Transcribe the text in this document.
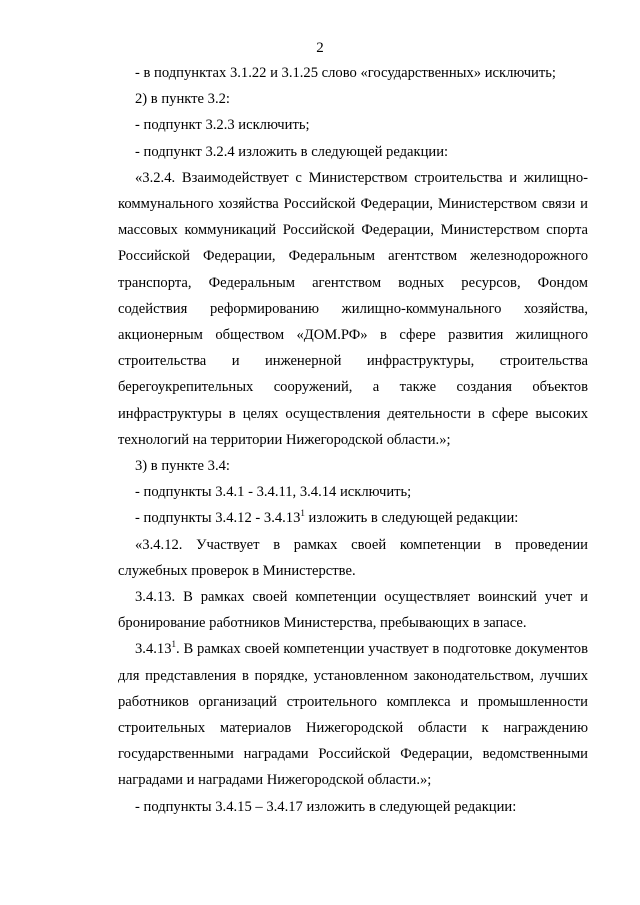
2

- в подпунктах 3.1.22 и 3.1.25 слово «государственных» исключить;

2) в пункте 3.2:

- подпункт 3.2.3 исключить;

- подпункт 3.2.4 изложить в следующей редакции:

«3.2.4. Взаимодействует с Министерством строительства и жилищно-коммунального хозяйства Российской Федерации, Министерством связи и массовых коммуникаций Российской Федерации, Министерством спорта Российской Федерации, Федеральным агентством железнодорожного транспорта, Федеральным агентством водных ресурсов, Фондом содействия реформированию жилищно-коммунального хозяйства, акционерным обществом «ДОМ.РФ» в сфере развития жилищного строительства и инженерной инфраструктуры, строительства берегоукрепительных сооружений, а также создания объектов инфраструктуры в целях осуществления деятельности в сфере высоких технологий на территории Нижегородской области.»;

3) в пункте 3.4:

- подпункты 3.4.1 - 3.4.11, 3.4.14 исключить;

- подпункты 3.4.12 - 3.4.13$^1$ изложить в следующей редакции:

«3.4.12. Участвует в рамках своей компетенции в проведении служебных проверок в Министерстве.

3.4.13. В рамках своей компетенции осуществляет воинский учет и бронирование работников Министерства, пребывающих в запасе.

3.4.13$^1$. В рамках своей компетенции участвует в подготовке документов для представления в порядке, установленном законодательством, лучших работников организаций строительного комплекса и промышленности строительных материалов Нижегородской области к награждению государственными наградами Российской Федерации, ведомственными наградами и наградами Нижегородской области.»;

- подпункты 3.4.15 – 3.4.17 изложить в следующей редакции:
